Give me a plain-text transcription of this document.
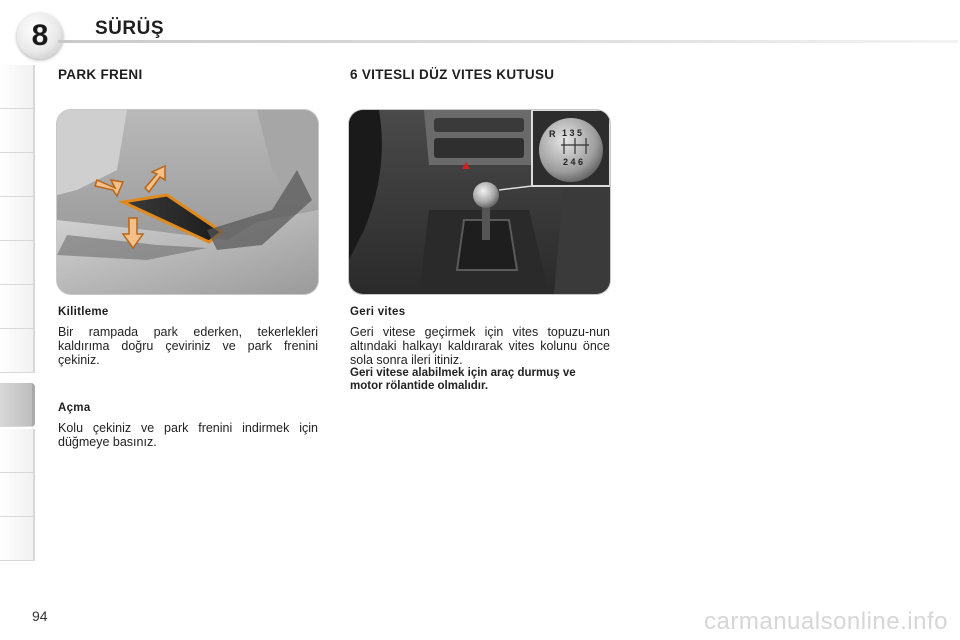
8 SÜRÜŞ
PARK FRENI
Kilitleme

Bir rampada park ederken, tekerlekleri kaldırıma doğru çeviriniz ve park frenini çekiniz.

Açma

Kolu çekiniz ve park frenini indirmek için düğmeye basınız.

6 VITESLI DÜZ VITES KUTUSU
R 1 3 5
2 4 6
Geri vites

Geri vitese geçirmek için vites topuzu-nun altındaki halkayı kaldırarak vites kolunu önce sola sonra ileri itiniz.

Geri vitese alabilmek için araç durmuş ve motor rölantide olmalıdır.

94	carmanualsonline.info
